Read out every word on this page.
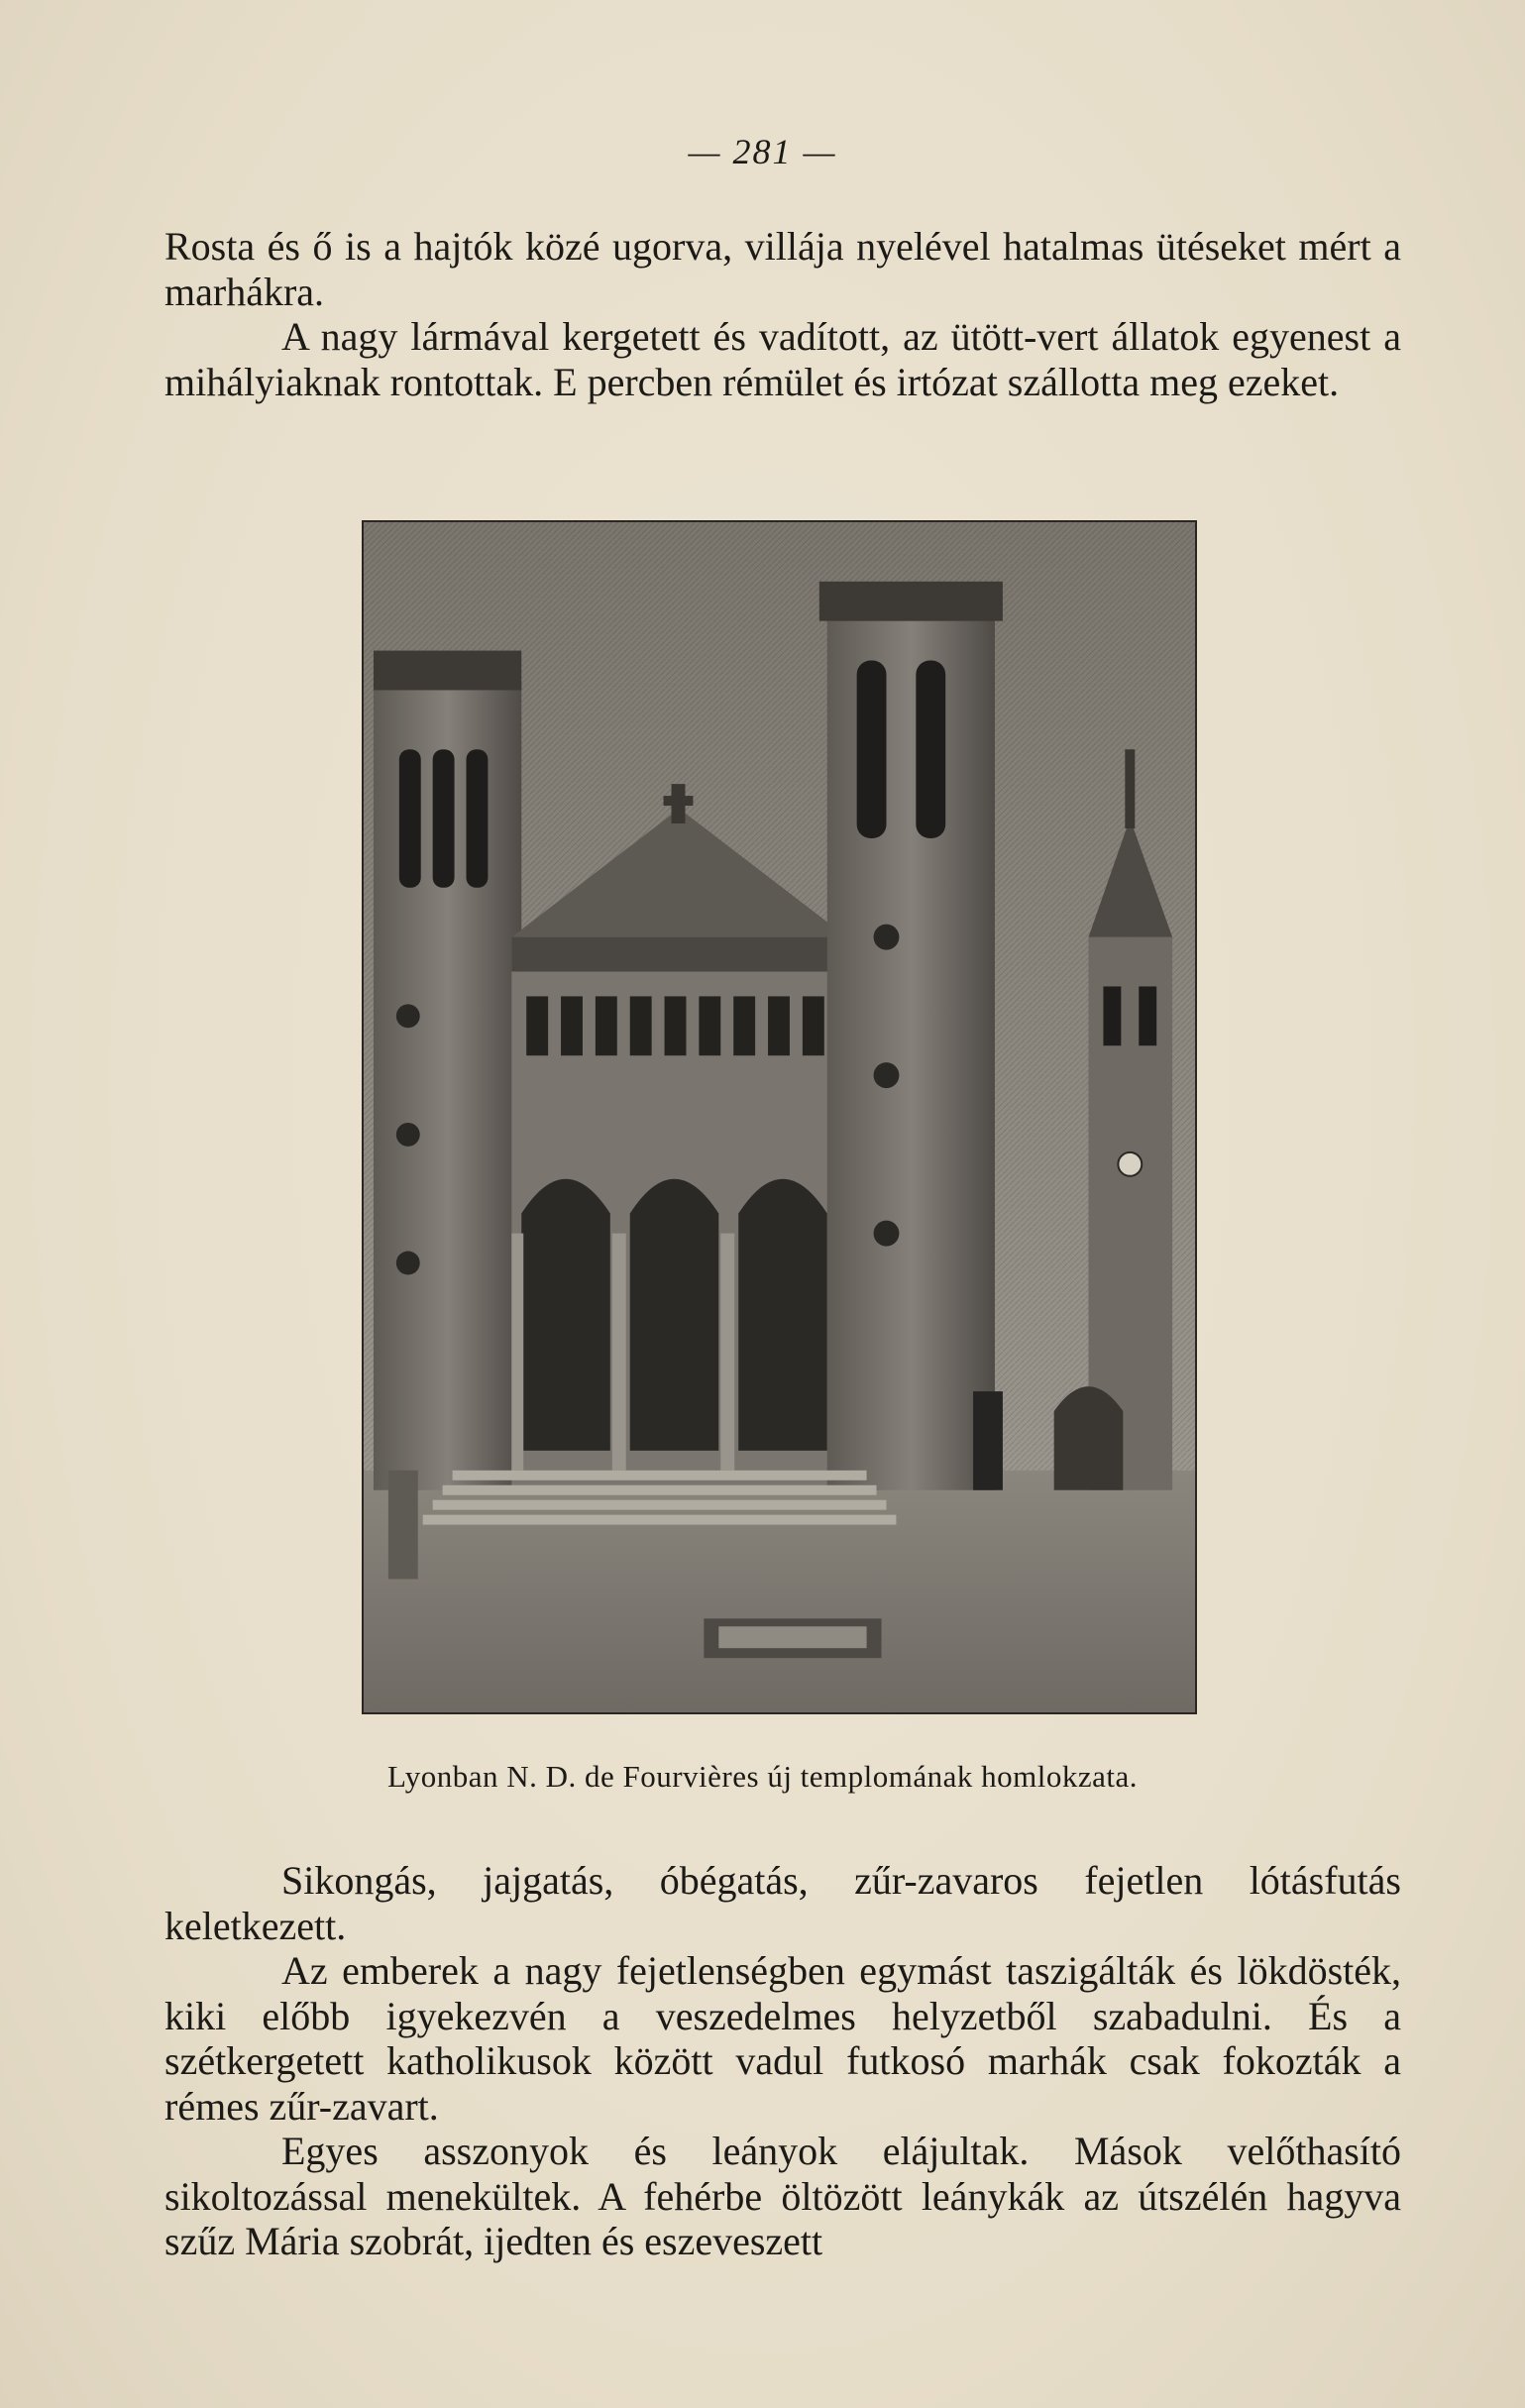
— 281 —

Rosta és ő is a hajtók közé ugorva, villája nyelével hatalmas ütéseket mért a marhákra.

A nagy lármával kergetett és vadított, az ütött-vert állatok egyenest a mihályiaknak rontottak. E percben rémület és irtózat szállotta meg ezeket.

Lyonban N. D. de Fourvières új templomának homlokzata.

Sikongás, jajgatás, óbégatás, zűr-zavaros fejetlen lótásfutás keletkezett.

Az emberek a nagy fejetlenségben egymást taszigálták és lökdösték, kiki előbb igyekezvén a veszedelmes helyzetből szabadulni. És a szétkergetett katholikusok között vadul futkosó marhák csak fokozták a rémes zűr-zavart.

Egyes asszonyok és leányok elájultak. Mások velőthasító sikoltozással menekültek. A fehérbe öltözött leánykák az útszélén hagyva szűz Mária szobrát, ijedten és eszeveszett
